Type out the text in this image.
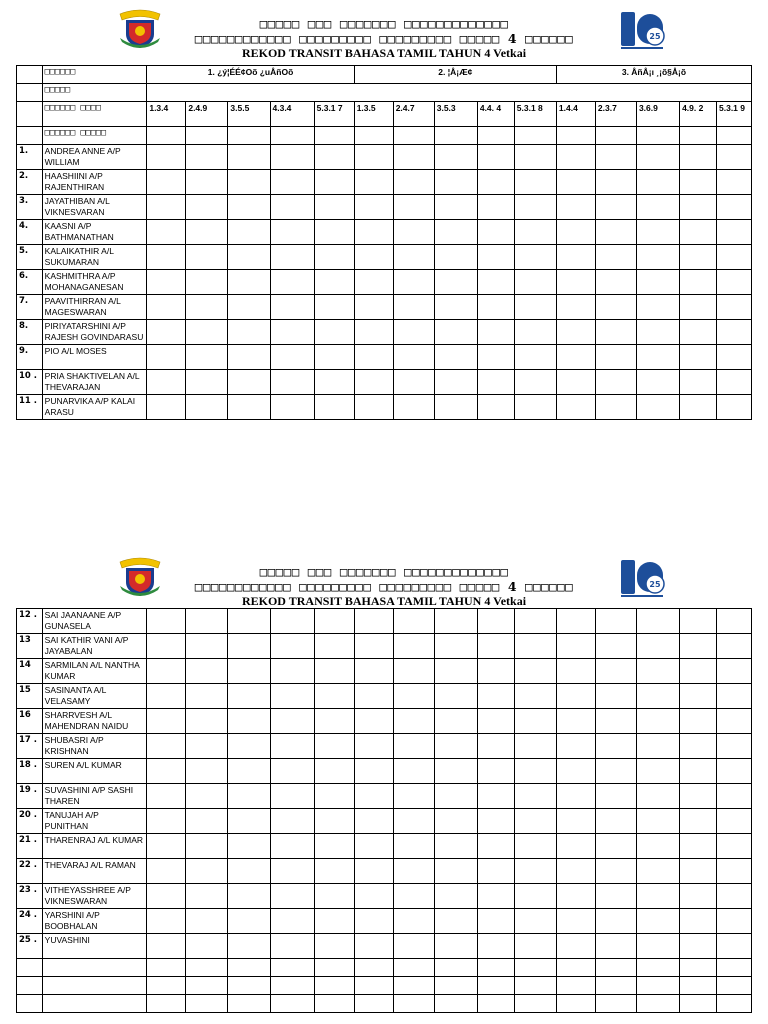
□□□□□ □□□ □□□□□□□ □□□□□□□□□□□□□
□□□□□□□□□□□□ □□□□□□□□□ □□□□□□□□□ □□□□□ 4 □□□□□□
REKOD TRANSIT BAHASA TAMIL TAHUN 4 Vetkai
25
	□□□□□□	1. ¿ý¦ÉÉ¢Oõ ¿uÅñOõ					2. ¦Å¡Æ¢					3. ÅñÅ¡ı ¸¡õ§Å¡õ				
	□□□□□															
	□□□□□□ □□□□	1.3.4	2.4.9	3.5.5	4.3.4	5.3.1 7	1.3.5	2.4.7	3.5.3	4.4. 4	5.3.1 8	1.4.4	2.3.7	3.6.9	4.9. 2	5.3.1 9
	□□□□□□ □□□□□															
1.	ANDREA ANNE A/P WILLIAM															
2.	HAASHIINI A/P RAJENTHIRAN															
3.	JAYATHIBAN A/L VIKNESVARAN															
4.	KAASNI A/P BATHMANATHAN															
5.	KALAIKATHIR A/L SUKUMARAN															
6.	KASHMITHRA A/P MOHANAGANESAN															
7.	PAAVITHIRRAN A/L MAGESWARAN															
8.	PIRIYATARSHINI A/P RAJESH GOVINDARASU															
9.	PIO A/L MOSES															
10 .	PRIA SHAKTIVELAN A/L THEVARAJAN															
11 .	PUNARVIKA A/P KALAI ARASU															
□□□□□ □□□ □□□□□□□ □□□□□□□□□□□□□
□□□□□□□□□□□□ □□□□□□□□□ □□□□□□□□□ □□□□□ 4 □□□□□□
REKOD TRANSIT BAHASA TAMIL TAHUN 4 Vetkai
25
12 .	SAI JAANAANE A/P GUNASELA															
13	SAI KATHIR VANI A/P JAYABALAN															
14	SARMILAN A/L NANTHA KUMAR															
15	SASINANTA A/L VELASAMY															
16	SHARRVESH A/L MAHENDRAN NAIDU															
17 .	SHUBASRI A/P KRISHNAN															
18 .	SUREN A/L KUMAR															
19 .	SUVASHINI A/P SASHI THAREN															
20 .	TANUJAH A/P PUNITHAN															
21 .	THARENRAJ A/L KUMAR															
22 .	THEVARAJ A/L RAMAN															
23 .	VITHEYASSHREE A/P VIKNESWARAN															
24 .	YARSHINI A/P BOOBHALAN															
25 .	YUVASHINI															
